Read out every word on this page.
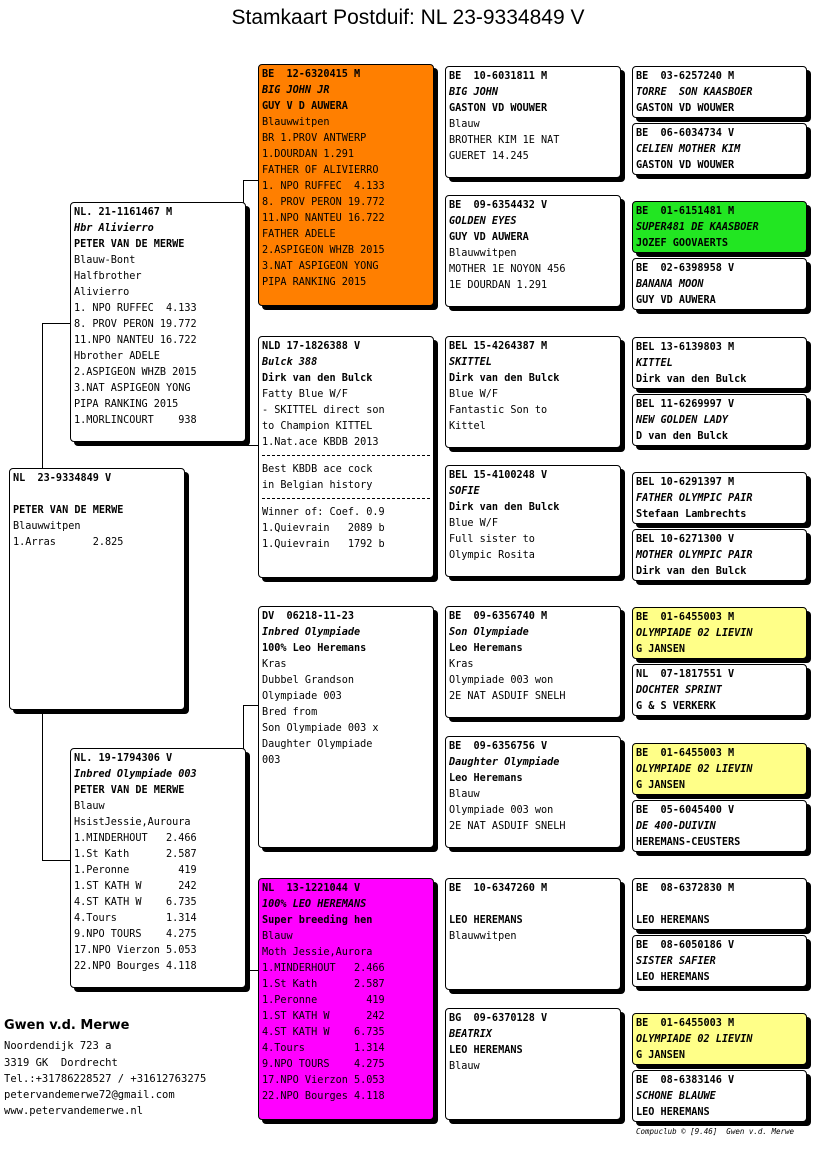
Stamkaart Postduif: NL 23-9334849 V
NL  23-9334849 V
PETER VAN DE MERWE
Blauwwitpen
1.Arras      2.825
NL. 21-1161467 M
Hbr Alivierro
PETER VAN DE MERWE
Blauw-Bont
Halfbrother
Alivierro
1. NPO RUFFEC  4.133
8. PROV PERON 19.772
11.NPO NANTEU 16.722
Hbrother ADELE
2.ASPIGEON WHZB 2015
3.NAT ASPIGEON YONG
PIPA RANKING 2015
1.MORLINCOURT    938
NL. 19-1794306 V
Inbred Olympiade 003
PETER VAN DE MERWE
Blauw
HsistJessie,Auroura
1.MINDERHOUT   2.466
1.St Kath      2.587
1.Peronne        419
1.ST KATH W      242
4.ST KATH W    6.735
4.Tours        1.314
9.NPO TOURS    4.275
17.NPO Vierzon 5.053
22.NPO Bourges 4.118
BE  12-6320415 M
BIG JOHN JR
GUY V D AUWERA
Blauwwitpen
BR 1.PROV ANTWERP
1.DOURDAN 1.291
FATHER OF ALIVIERRO
1. NPO RUFFEC  4.133
8. PROV PERON 19.772
11.NPO NANTEU 16.722
FATHER ADELE
2.ASPIGEON WHZB 2015
3.NAT ASPIGEON YONG
PIPA RANKING 2015
NLD 17-1826388 V
Bulck 388
Dirk van den Bulck
Fatty Blue W/F
- SKITTEL direct son
to Champion KITTEL
1.Nat.ace KBDB 2013
Best KBDB ace cock
in Belgian history
Winner of: Coef. 0.9
1.Quievrain   2089 b
1.Quievrain   1792 b
DV  06218-11-23
Inbred Olympiade
100% Leo Heremans
Kras
Dubbel Grandson
Olympiade 003
Bred from
Son Olympiade 003 x
Daughter Olympiade
003
NL  13-1221044 V
100% LEO HEREMANS
Super breeding hen
Blauw
Moth Jessie,Aurora
1.MINDERHOUT   2.466
1.St Kath      2.587
1.Peronne        419
1.ST KATH W      242
4.ST KATH W    6.735
4.Tours        1.314
9.NPO TOURS    4.275
17.NPO Vierzon 5.053
22.NPO Bourges 4.118
BE  10-6031811 M
BIG JOHN
GASTON VD WOUWER
Blauw
BROTHER KIM 1E NAT
GUERET 14.245
BE  09-6354432 V
GOLDEN EYES
GUY VD AUWERA
Blauwwitpen
MOTHER 1E NOYON 456
1E DOURDAN 1.291
BEL 15-4264387 M
SKITTEL
Dirk van den Bulck
Blue W/F
Fantastic Son to
Kittel
BEL 15-4100248 V
SOFIE
Dirk van den Bulck
Blue W/F
Full sister to
Olympic Rosita
BE  09-6356740 M
Son Olympiade
Leo Heremans
Kras
Olympiade 003 won
2E NAT ASDUIF SNELH
BE  09-6356756 V
Daughter Olympiade
Leo Heremans
Blauw
Olympiade 003 won
2E NAT ASDUIF SNELH
BE  10-6347260 M
LEO HEREMANS
Blauwwitpen
BG  09-6370128 V
BEATRIX
LEO HEREMANS
Blauw
BE  03-6257240 M
TORRE  SON KAASBOER
GASTON VD WOUWER
BE  06-6034734 V
CELIEN MOTHER KIM
GASTON VD WOUWER
BE  01-6151481 M
SUPER481 DE KAASBOER
JOZEF GOOVAERTS
BE  02-6398958 V
BANANA MOON
GUY VD AUWERA
BEL 13-6139803 M
KITTEL
Dirk van den Bulck
BEL 11-6269997 V
NEW GOLDEN LADY
D van den Bulck
BEL 10-6291397 M
FATHER OLYMPIC PAIR
Stefaan Lambrechts
BEL 10-6271300 V
MOTHER OLYMPIC PAIR
Dirk van den Bulck
BE  01-6455003 M
OLYMPIADE 02 LIEVIN
G JANSEN
NL  07-1817551 V
DOCHTER SPRINT
G & S VERKERK
BE  01-6455003 M
OLYMPIADE 02 LIEVIN
G JANSEN
BE  05-6045400 V
DE 400-DUIVIN
HEREMANS-CEUSTERS
BE  08-6372830 M
LEO HEREMANS
BE  08-6050186 V
SISTER SAFIER
LEO HEREMANS
BE  01-6455003 M
OLYMPIADE 02 LIEVIN
G JANSEN
BE  08-6383146 V
SCHONE BLAUWE
LEO HEREMANS
Gwen v.d. Merwe
Noordendijk 723 a
3319 GK  Dordrecht
Tel.:+31786228527 / +31612763275
petervandemerwe72@gmail.com
www.petervandemerwe.nl
Compuclub © [9.46]  Gwen v.d. Merwe
